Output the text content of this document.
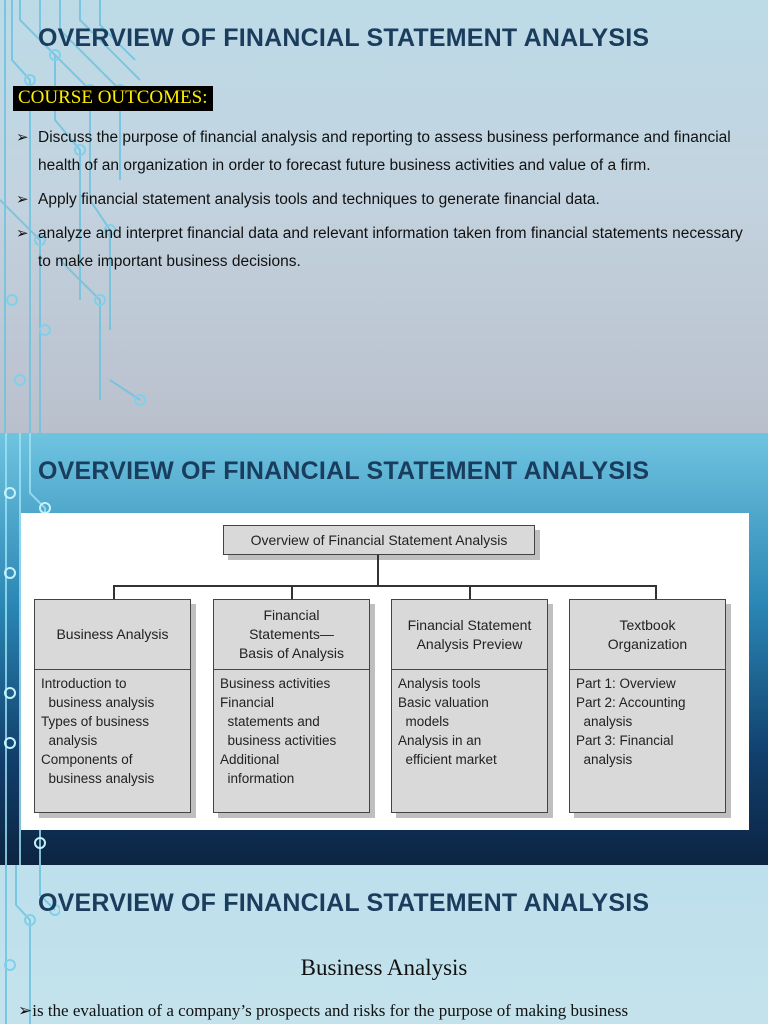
OVERVIEW OF FINANCIAL STATEMENT ANALYSIS
COURSE OUTCOMES:
➢ Discuss the purpose of financial analysis and reporting to assess business performance and financial health of an organization in order to forecast future business activities and value of a firm.
➢ Apply financial statement analysis tools and techniques to generate financial data.
➢ analyze and interpret financial data and relevant information taken from financial statements necessary to make important business decisions.
OVERVIEW OF FINANCIAL STATEMENT ANALYSIS
Overview of Financial Statement Analysis
Business Analysis
Introduction to
business analysis
Types of business
analysis
Components of
business analysis
Financial
Statements—
Basis of Analysis
Business activities
Financial
statements and
business activities
Additional
information
Financial Statement
Analysis Preview
Analysis tools
Basic valuation
models
Analysis in an
efficient market
Textbook
Organization
Part 1: Overview
Part 2: Accounting
analysis
Part 3: Financial
analysis
OVERVIEW OF FINANCIAL STATEMENT ANALYSIS
Business Analysis
➢is the evaluation of a company’s prospects and risks for the purpose of making business
